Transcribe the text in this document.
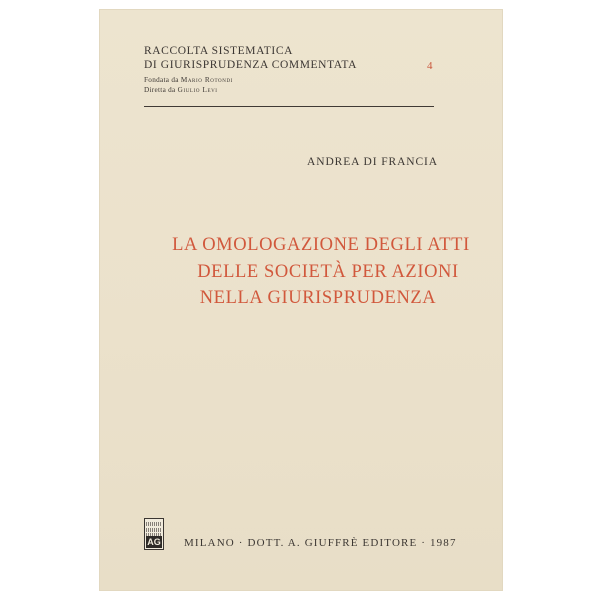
RACCOLTA SISTEMATICA
DI GIURISPRUDENZA COMMENTATA
Fondata da Mario Rotondi
Diretta da Giulio Levi
4
ANDREA DI FRANCIA
LA OMOLOGAZIONE DEGLI ATTI
DELLE SOCIETÀ PER AZIONI
NELLA GIURISPRUDENZA
AG MILANO · DOTT. A. GIUFFRÈ EDITORE · 1987
